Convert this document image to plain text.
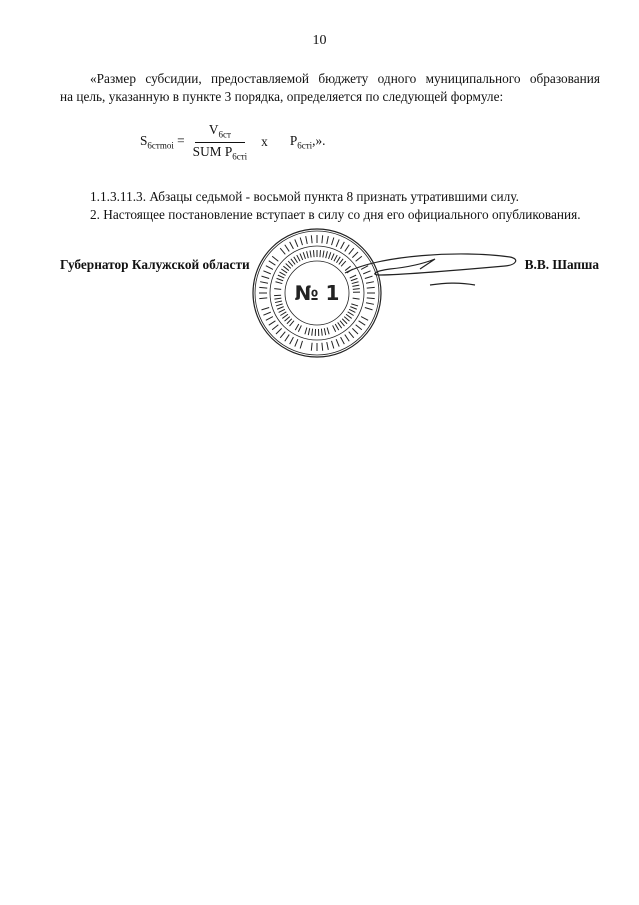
10
«Размер субсидии, предоставляемой бюджету одного муниципального образования
на цель, указанную в пункте 3 порядка, определяется по следующей формуле:
$S_{6стmoi} = \frac{V_{6ст}}{SUM P_{6стi}}$ x $P_{6стi}$,».
1.1.3.11.3. Абзацы седьмой - восьмой пункта 8 признать утратившими силу.
2. Настоящее постановление вступает в силу со дня его официального опубликования.
Губернатор Калужской области	В.В. Шапша
№ 1
